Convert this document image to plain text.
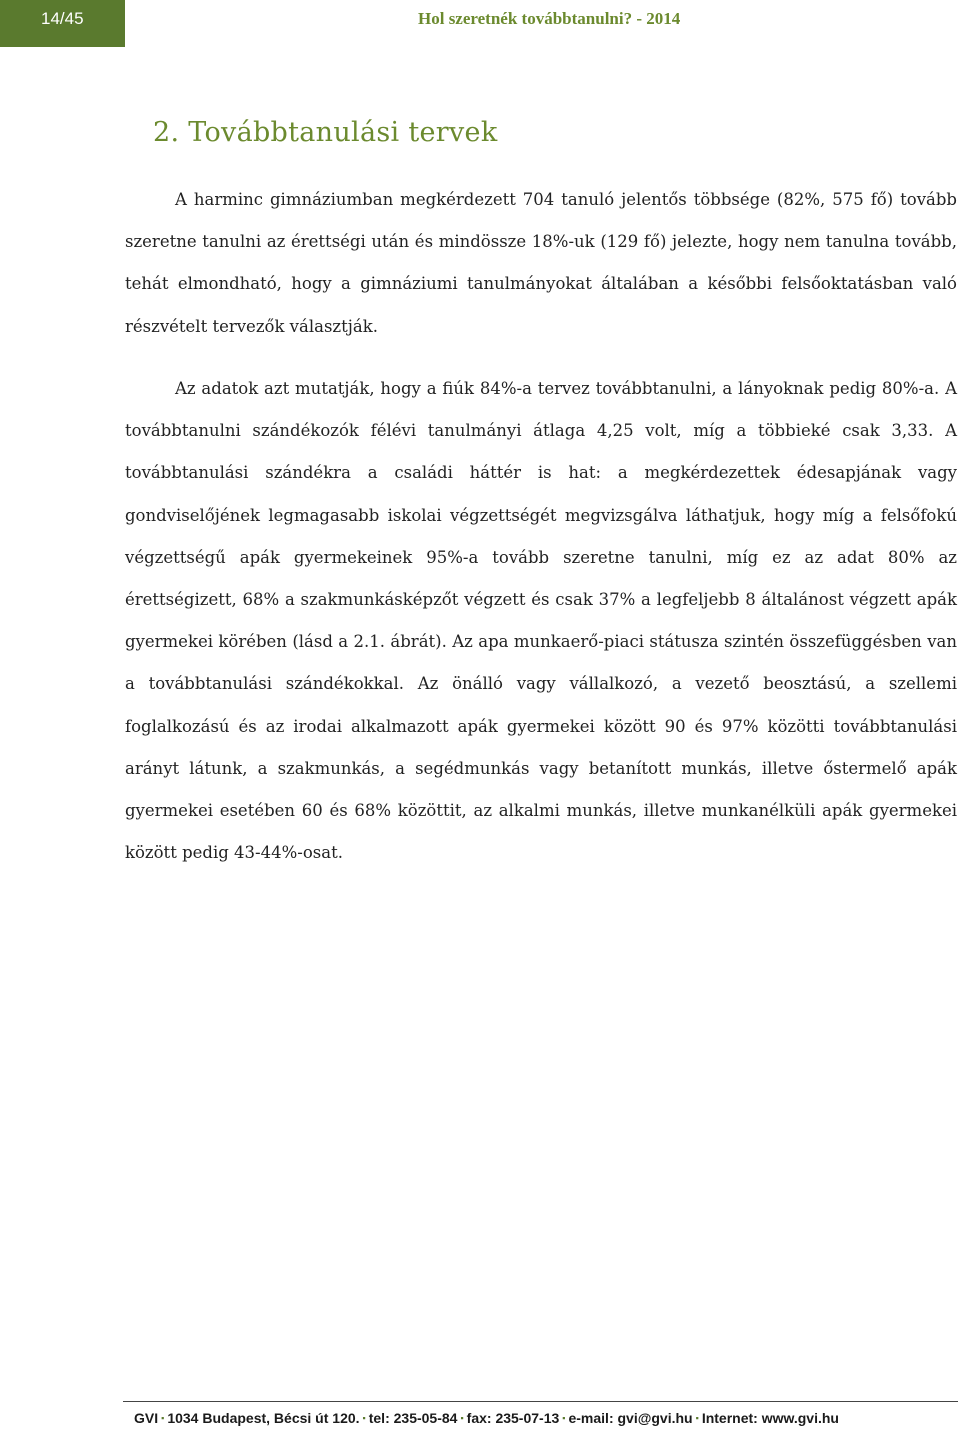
14/45	Hol szeretnék továbbtanulni? - 2014
2. Továbbtanulási tervek

A harminc gimnáziumban megkérdezett 704 tanuló jelentős többsége (82%, 575 fő) tovább szeretne tanulni az érettségi után és mindössze 18%-uk (129 fő) jelezte, hogy nem tanulna tovább, tehát elmondható, hogy a gimnáziumi tanulmányokat általában a későbbi felsőoktatásban való részvételt tervezők választják.

Az adatok azt mutatják, hogy a fiúk 84%-a tervez továbbtanulni, a lányoknak pedig 80%-a. A továbbtanulni szándékozók félévi tanulmányi átlaga 4,25 volt, míg a többieké csak 3,33. A továbbtanulási szándékra a családi háttér is hat: a megkérdezettek édesapjának vagy gondviselőjének legmagasabb iskolai végzettségét megvizsgálva láthatjuk, hogy míg a felsőfokú végzettségű apák gyermekeinek 95%-a tovább szeretne tanulni, míg ez az adat 80% az érettségizett, 68% a szakmunkásképzőt végzett és csak 37% a legfeljebb 8 általánost végzett apák gyermekei körében (lásd a 2.1. ábrát). Az apa munkaerő-piaci státusza szintén összefüggésben van a továbbtanulási szándékokkal. Az önálló vagy vállalkozó, a vezető beosztású, a szellemi foglalkozású és az irodai alkalmazott apák gyermekei között 90 és 97% közötti továbbtanulási arányt látunk, a szakmunkás, a segédmunkás vagy betanított munkás, illetve őstermelő apák gyermekei esetében 60 és 68% közöttit, az alkalmi munkás, illetve munkanélküli apák gyermekei között pedig 43-44%-osat.

GVI ▪ 1034 Budapest, Bécsi út 120. ▪ tel: 235-05-84 ▪ fax: 235-07-13 ▪ e-mail: gvi@gvi.hu ▪ Internet: www.gvi.hu
